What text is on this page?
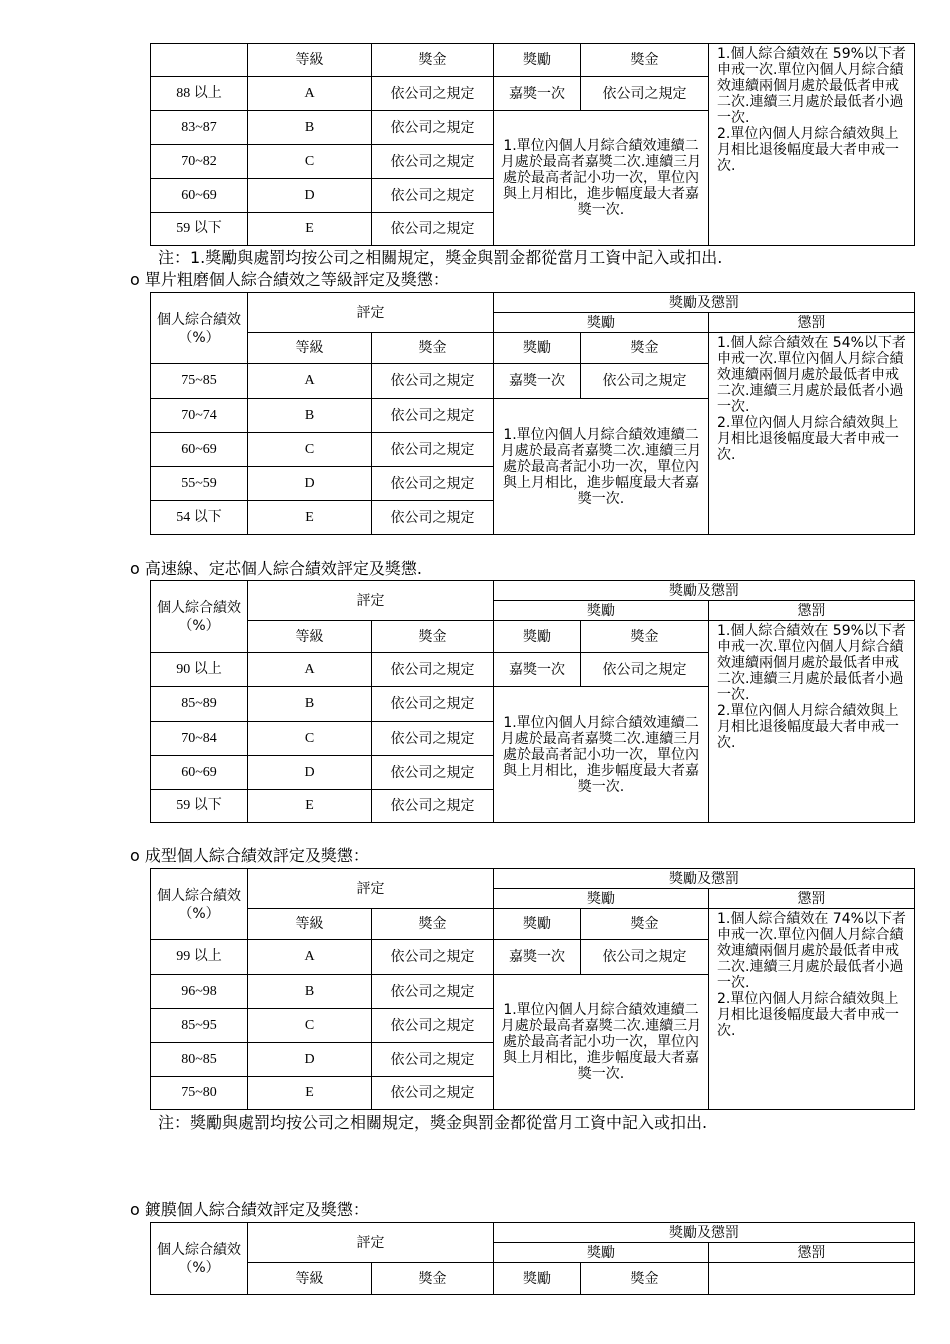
	等級	獎金	獎勵	獎金	1.個人綜合績效在 59%以下者申戒一次.單位內個人月綜合績效連續兩個月處於最低者申戒二次.連續三月處於最低者小過一次.
2.單位內個人月綜合績效與上月相比退後幅度最大者申戒一次.
88 以上	A	依公司之規定	嘉獎一次	依公司之規定	
83~87	B	依公司之規定	1.單位內個人月綜合績效連續二月處於最高者嘉獎二次.連續三月處於最高者記小功一次，單位內與上月相比，進步幅度最大者嘉獎一次.		
70~82	C	依公司之規定			
60~69	D	依公司之規定			
59 以下	E	依公司之規定			
注：1.獎勵與處罰均按公司之相關規定，獎金與罰金都從當月工資中記入或扣出.
o 單片粗磨個人綜合績效之等級評定及獎懲：
個人綜合績效（%）	評定		獎勵及懲罰		
			獎勵		懲罰
	等級	獎金	獎勵	獎金	1.個人綜合績效在 54%以下者申戒一次.單位內個人月綜合績效連續兩個月處於最低者申戒二次.連續三月處於最低者小過一次.
2.單位內個人月綜合績效與上月相比退後幅度最大者申戒一次.
75~85	A	依公司之規定	嘉獎一次	依公司之規定	
70~74	B	依公司之規定	1.單位內個人月綜合績效連續二月處於最高者嘉獎二次.連續三月處於最高者記小功一次，單位內與上月相比，進步幅度最大者嘉獎一次.		
60~69	C	依公司之規定			
55~59	D	依公司之規定			
54 以下	E	依公司之規定			
o 高速線、定芯個人綜合績效評定及獎懲.
個人綜合績效（%）	評定		獎勵及懲罰		
			獎勵		懲罰
	等級	獎金	獎勵	獎金	1.個人綜合績效在 59%以下者申戒一次.單位內個人月綜合績效連續兩個月處於最低者申戒二次.連續三月處於最低者小過一次.
2.單位內個人月綜合績效與上月相比退後幅度最大者申戒一次.
90 以上	A	依公司之規定	嘉獎一次	依公司之規定	
85~89	B	依公司之規定	1.單位內個人月綜合績效連續二月處於最高者嘉獎二次.連續三月處於最高者記小功一次，單位內與上月相比，進步幅度最大者嘉獎一次.		
70~84	C	依公司之規定			
60~69	D	依公司之規定			
59 以下	E	依公司之規定			
o 成型個人綜合績效評定及獎懲：
個人綜合績效（%）	評定		獎勵及懲罰		
			獎勵		懲罰
	等級	獎金	獎勵	獎金	1.個人綜合績效在 74%以下者申戒一次.單位內個人月綜合績效連續兩個月處於最低者申戒二次.連續三月處於最低者小過一次.
2.單位內個人月綜合績效與上月相比退後幅度最大者申戒一次.
99 以上	A	依公司之規定	嘉獎一次	依公司之規定	
96~98	B	依公司之規定	1.單位內個人月綜合績效連續二月處於最高者嘉獎二次.連續三月處於最高者記小功一次，單位內與上月相比，進步幅度最大者嘉獎一次.		
85~95	C	依公司之規定			
80~85	D	依公司之規定			
75~80	E	依公司之規定			
注：獎勵與處罰均按公司之相關規定，獎金與罰金都從當月工資中記入或扣出.
o 鍍膜個人綜合績效評定及獎懲：
個人綜合績效（%）	評定		獎勵及懲罰		
			獎勵		懲罰
	等級	獎金	獎勵	獎金	
